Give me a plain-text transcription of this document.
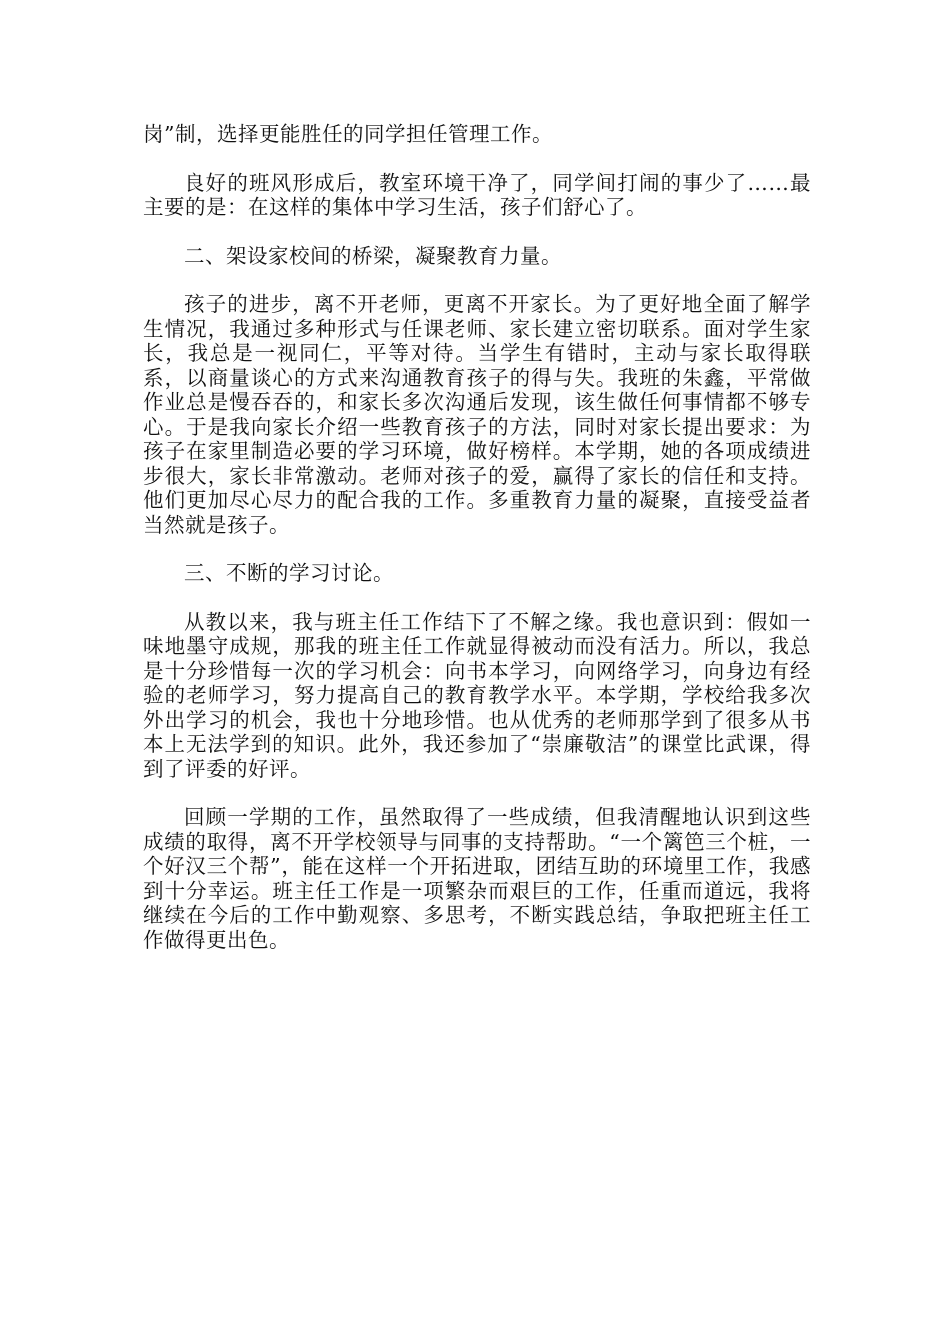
岗”制，选择更能胜任的同学担任管理工作。

良好的班风形成后，教室环境干净了，同学间打闹的事少了……最主要的是：在这样的集体中学习生活，孩子们舒心了。

二、架设家校间的桥梁，凝聚教育力量。

孩子的进步，离不开老师，更离不开家长。为了更好地全面了解学生情况，我通过多种形式与任课老师、家长建立密切联系。面对学生家长，我总是一视同仁，平等对待。当学生有错时，主动与家长取得联系，以商量谈心的方式来沟通教育孩子的得与失。我班的朱鑫，平常做作业总是慢吞吞的，和家长多次沟通后发现，该生做任何事情都不够专心。于是我向家长介绍一些教育孩子的方法，同时对家长提出要求：为孩子在家里制造必要的学习环境，做好榜样。本学期，她的各项成绩进步很大，家长非常激动。老师对孩子的爱，赢得了家长的信任和支持。他们更加尽心尽力的配合我的工作。多重教育力量的凝聚，直接受益者当然就是孩子。

三、不断的学习讨论。

从教以来，我与班主任工作结下了不解之缘。我也意识到：假如一味地墨守成规，那我的班主任工作就显得被动而没有活力。所以，我总是十分珍惜每一次的学习机会：向书本学习，向网络学习，向身边有经验的老师学习，努力提高自己的教育教学水平。本学期，学校给我多次外出学习的机会，我也十分地珍惜。也从优秀的老师那学到了很多从书本上无法学到的知识。此外，我还参加了“崇廉敬洁”的课堂比武课，得到了评委的好评。

回顾一学期的工作，虽然取得了一些成绩，但我清醒地认识到这些成绩的取得，离不开学校领导与同事的支持帮助。“一个篱笆三个桩，一个好汉三个帮”，能在这样一个开拓进取，团结互助的环境里工作，我感到十分幸运。班主任工作是一项繁杂而艰巨的工作，任重而道远，我将继续在今后的工作中勤观察、多思考，不断实践总结，争取把班主任工作做得更出色。
